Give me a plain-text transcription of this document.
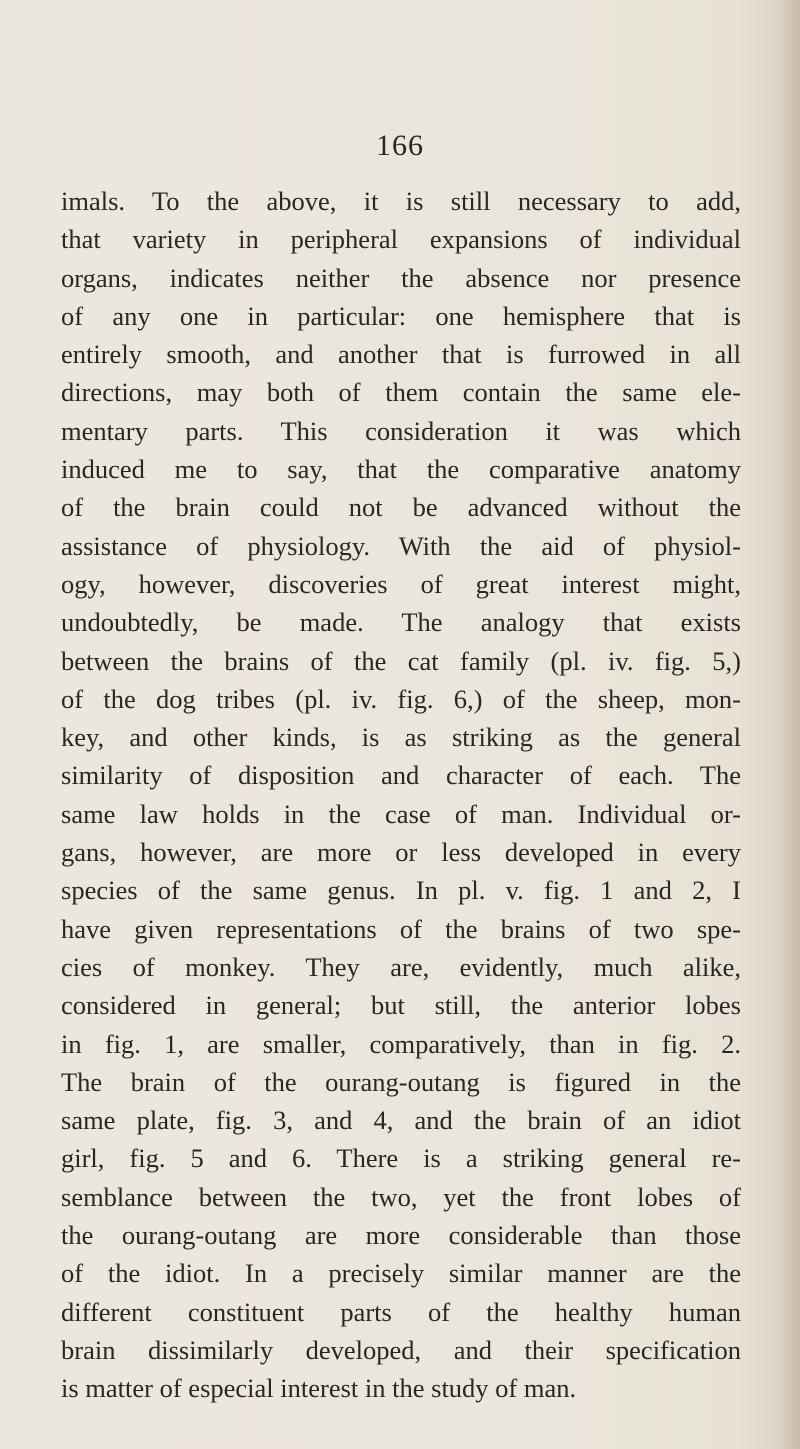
166
imals. To the above, it is still necessary to add,
that variety in peripheral expansions of individual
organs, indicates neither the absence nor presence
of any one in particular: one hemisphere that is
entirely smooth, and another that is furrowed in all
directions, may both of them contain the same ele-
mentary parts. This consideration it was which
induced me to say, that the comparative anatomy
of the brain could not be advanced without the
assistance of physiology. With the aid of physiol-
ogy, however, discoveries of great interest might,
undoubtedly, be made. The analogy that exists
between the brains of the cat family (pl. iv. fig. 5,)
of the dog tribes (pl. iv. fig. 6,) of the sheep, mon-
key, and other kinds, is as striking as the general
similarity of disposition and character of each. The
same law holds in the case of man. Individual or-
gans, however, are more or less developed in every
species of the same genus. In pl. v. fig. 1 and 2, I
have given representations of the brains of two spe-
cies of monkey. They are, evidently, much alike,
considered in general; but still, the anterior lobes
in fig. 1, are smaller, comparatively, than in fig. 2.
The brain of the ourang-outang is figured in the
same plate, fig. 3, and 4, and the brain of an idiot
girl, fig. 5 and 6. There is a striking general re-
semblance between the two, yet the front lobes of
the ourang-outang are more considerable than those
of the idiot. In a precisely similar manner are the
different constituent parts of the healthy human
brain dissimilarly developed, and their specification
is matter of especial interest in the study of man.
